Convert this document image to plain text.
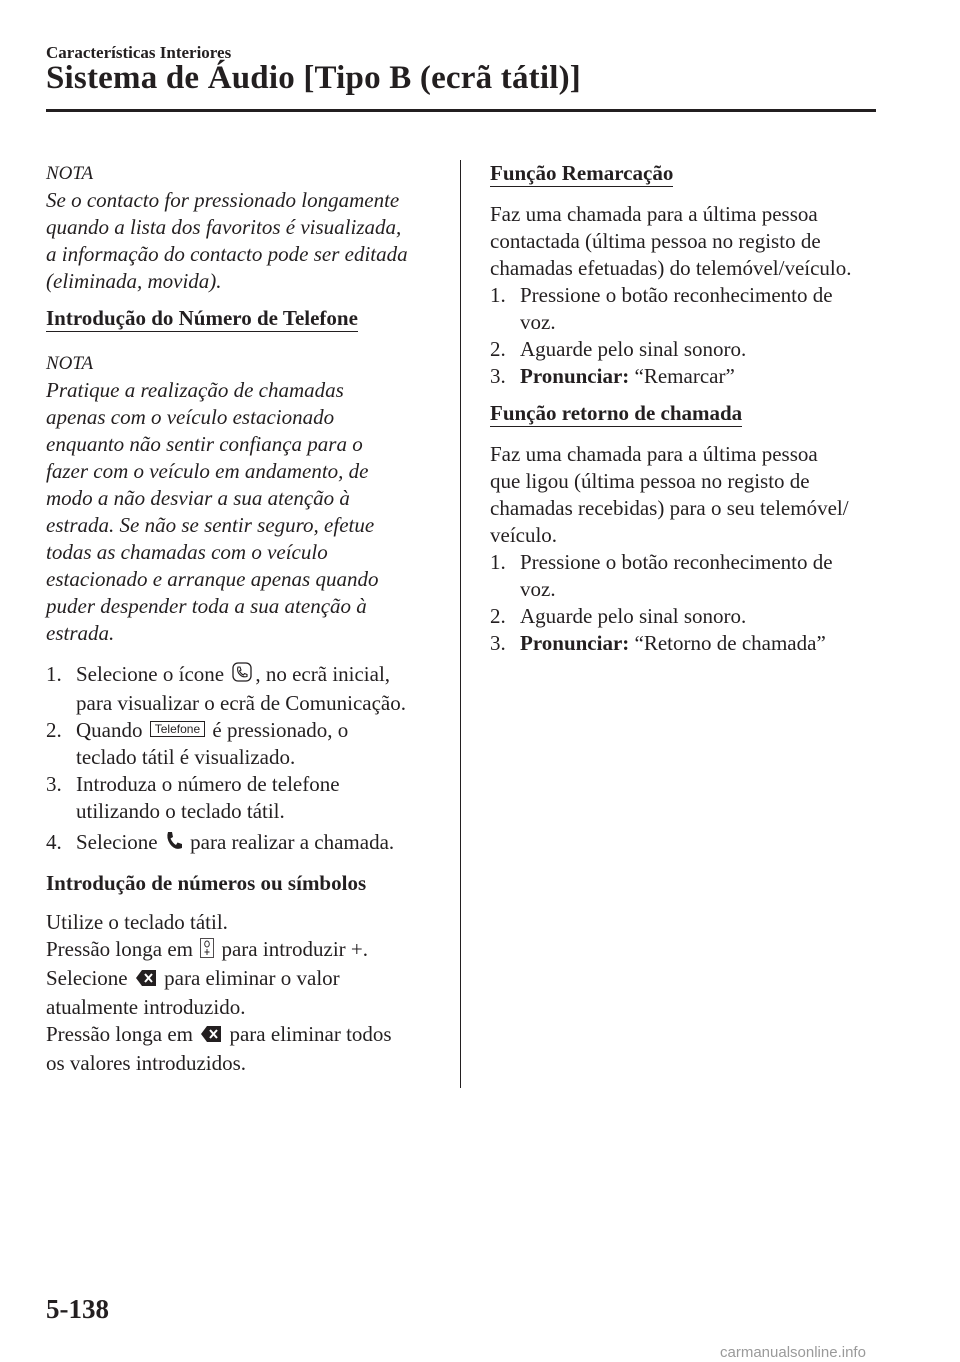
Características Interiores
Sistema de Áudio [Tipo B (ecrã tátil)]

NOTA

Se o contacto for pressionado longamente

quando a lista dos favoritos é visualizada,

a informação do contacto pode ser editada

(eliminada, movida).

Introdução do Número de Telefone

NOTA

Pratique a realização de chamadas

apenas com o veículo estacionado

enquanto não sentir confiança para o

fazer com o veículo em andamento, de

modo a não desviar a sua atenção à

estrada. Se não se sentir seguro, efetue

todas as chamadas com o veículo

estacionado e arranque apenas quando

puder despender toda a sua atenção à

estrada.

1. Selecione o ícone , no ecrã inicial,
para visualizar o ecrã de Comunicação.
2. Quando Telefone é pressionado, o
teclado tátil é visualizado.
3. Introduza o número de telefone
utilizando o teclado tátil.
4. Selecione para realizar a chamada.

Introdução de números ou símbolos

Utilize o teclado tátil.

Pressão longa em para introduzir +.

Selecione para eliminar o valor

atualmente introduzido.

Pressão longa em para eliminar todos

os valores introduzidos.

Função Remarcação

Faz uma chamada para a última pessoa

contactada (última pessoa no registo de

chamadas efetuadas) do telemóvel/veículo.

1. Pressione o botão reconhecimento de
voz.
2. Aguarde pelo sinal sonoro.
3. Pronunciar: “Remarcar”
Função retorno de chamada

Faz uma chamada para a última pessoa

que ligou (última pessoa no registo de

chamadas recebidas) para o seu telemóvel/

veículo.

1. Pressione o botão reconhecimento de
voz.
2. Aguarde pelo sinal sonoro.
3. Pronunciar: “Retorno de chamada”
5-138
carmanualsonline.info
